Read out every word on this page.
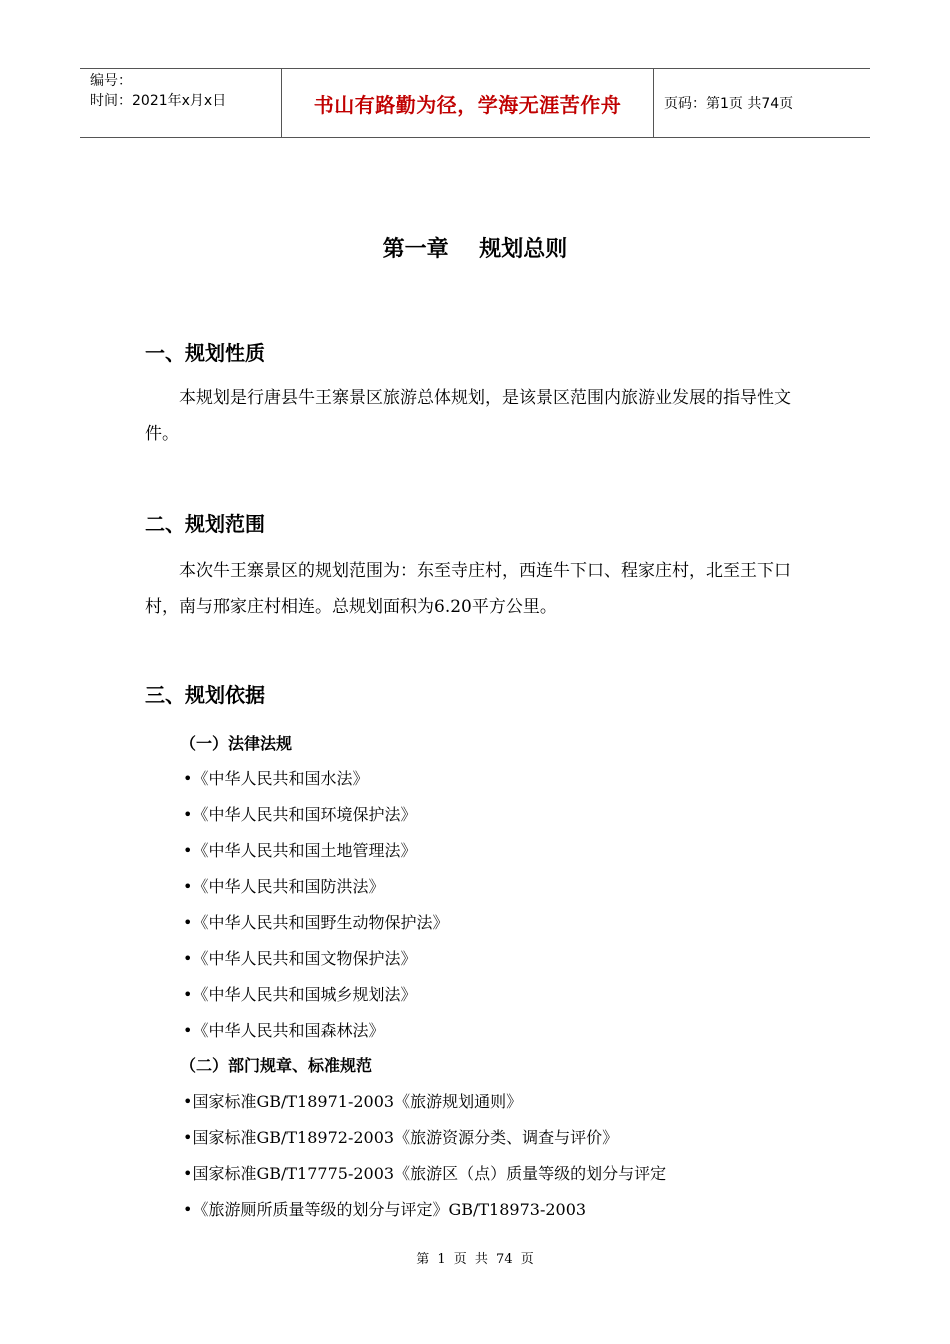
编号：
时间：2021年x月x日	书山有路勤为径，学海无涯苦作舟	页码：第1页 共74页
第一章    规划总则
一、规划性质
本规划是行唐县牛王寨景区旅游总体规划，是该景区范围内旅游业发展的指导性文件。
二、规划范围
本次牛王寨景区的规划范围为：东至寺庄村，西连牛下口、程家庄村，北至王下口村，南与邢家庄村相连。总规划面积为6.20平方公里。
三、规划依据
（一）法律法规
•《中华人民共和国水法》
•《中华人民共和国环境保护法》
•《中华人民共和国土地管理法》
•《中华人民共和国防洪法》
•《中华人民共和国野生动物保护法》
•《中华人民共和国文物保护法》
•《中华人民共和国城乡规划法》
•《中华人民共和国森林法》
（二）部门规章、标准规范
•国家标准GB/T18971-2003《旅游规划通则》
•国家标准GB/T18972-2003《旅游资源分类、调查与评价》
•国家标准GB/T17775-2003《旅游区（点）质量等级的划分与评定
•《旅游厕所质量等级的划分与评定》GB/T18973-2003
第 1 页 共 74 页
